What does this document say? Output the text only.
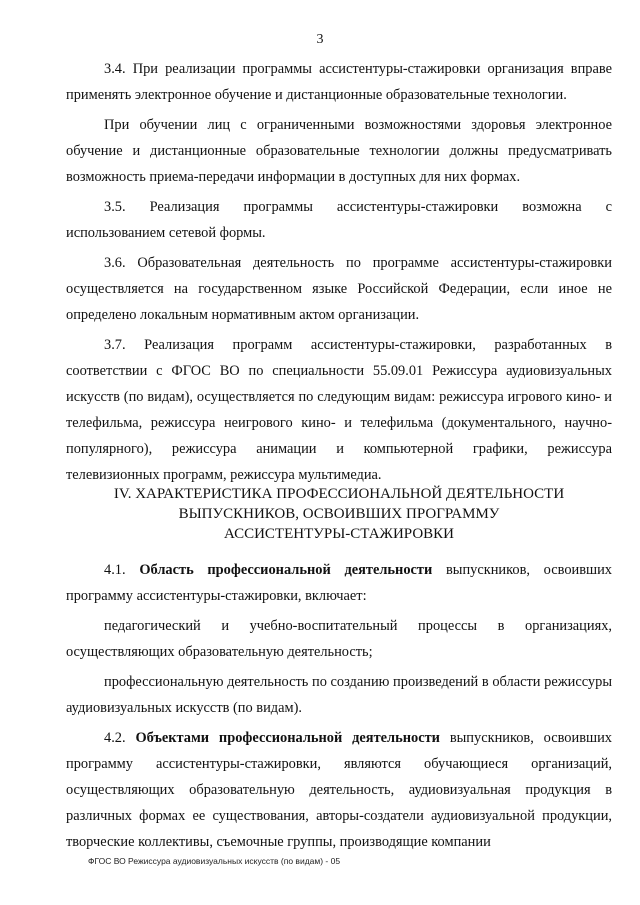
3

3.4. При реализации программы ассистентуры-стажировки организация вправе применять электронное обучение и дистанционные образовательные технологии.

При обучении лиц с ограниченными возможностями здоровья электронное обучение и дистанционные образовательные технологии должны предусматривать возможность приема-передачи информации в доступных для них формах.

3.5. Реализация программы ассистентуры-стажировки возможна с использованием сетевой формы.

3.6. Образовательная деятельность по программе ассистентуры-стажировки осуществляется на государственном языке Российской Федерации, если иное не определено локальным нормативным актом организации.

3.7. Реализация программ ассистентуры-стажировки, разработанных в соответствии с ФГОС ВО по специальности 55.09.01 Режиссура аудиовизуальных искусств (по видам), осуществляется по следующим видам: режиссура игрового кино- и телефильма, режиссура неигрового кино- и телефильма (документального, научно-популярного), режиссура анимации и компьютерной графики, режиссура телевизионных программ, режиссура мультимедиа.

IV. ХАРАКТЕРИСТИКА ПРОФЕССИОНАЛЬНОЙ ДЕЯТЕЛЬНОСТИ
ВЫПУСКНИКОВ, ОСВОИВШИХ ПРОГРАММУ
АССИСТЕНТУРЫ-СТАЖИРОВКИ

4.1. Область профессиональной деятельности выпускников, освоивших программу ассистентуры-стажировки, включает:

педагогический и учебно-воспитательный процессы в организациях, осуществляющих образовательную деятельность;

профессиональную деятельность по созданию произведений в области режиссуры аудиовизуальных искусств (по видам).

4.2. Объектами профессиональной деятельности выпускников, освоивших программу ассистентуры-стажировки, являются обучающиеся организаций, осуществляющих образовательную деятельность, аудиовизуальная продукция в различных формах ее существования, авторы-создатели аудиовизуальной продукции, творческие коллективы, съемочные группы, производящие компании

ФГОС ВО Режиссура аудиовизуальных искусств (по видам) - 05
